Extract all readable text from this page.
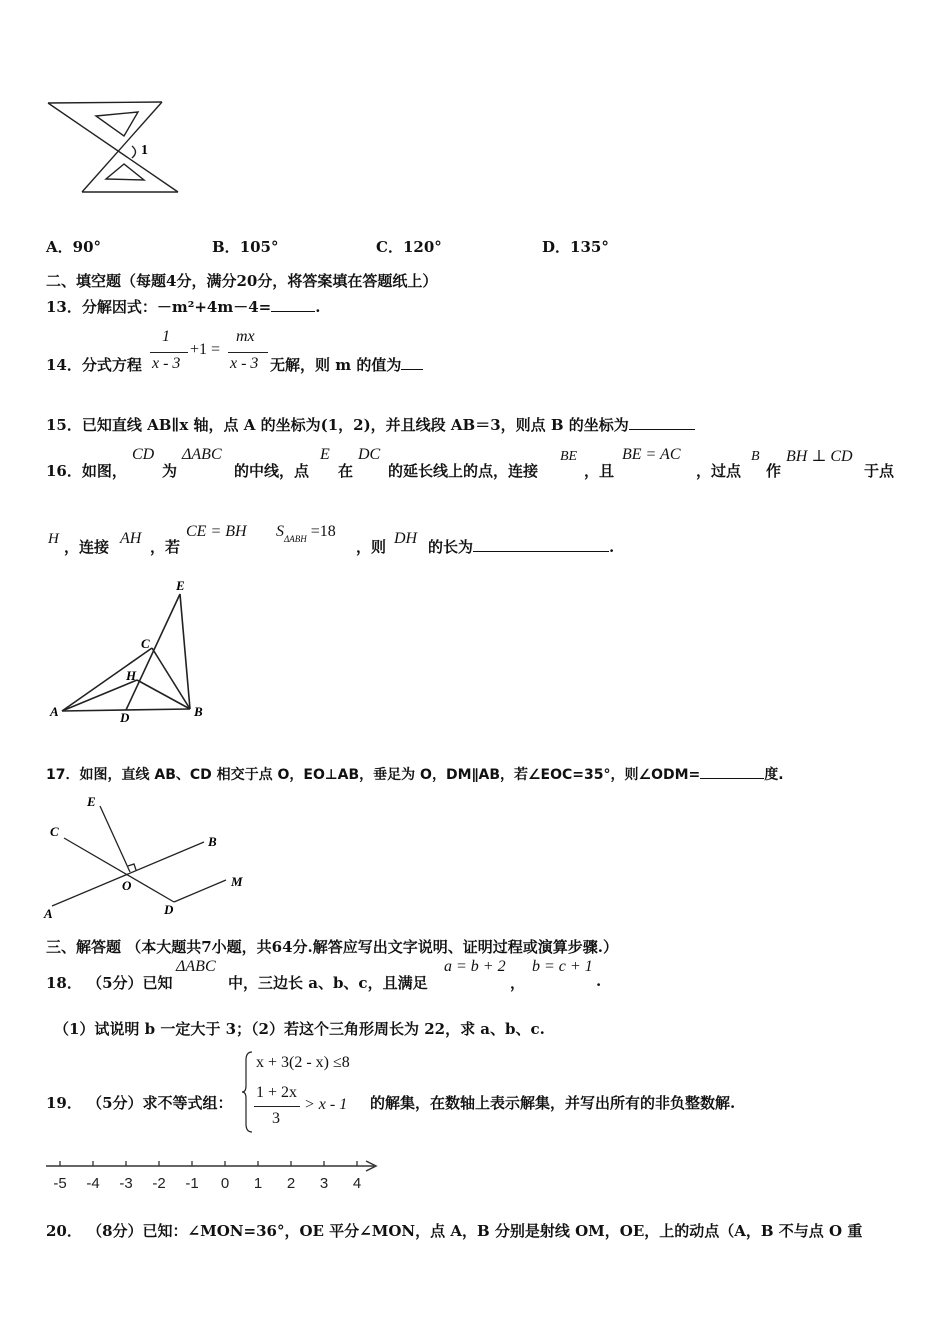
1
A．90°	B．105°	C．120°	D．135°
二、填空题（每题4分，满分20分，将答案填在答题纸上）
13．分解因式：－m²+4m－4=	.
14．分式方程
1
x - 3
+1 =
mx
x - 3 无解，则 m 的值为
15．已知直线 AB∥x 轴，点 A 的坐标为(1，2)，并且线段 AB＝3，则点 B 的坐标为
16．如图，
CD
为
ΔABC
的中线，点
E
在
DC
的延长线上的点，连接
BE
，且
BE = AC
，过点
B
作
BH ⊥ CD
于点
H ，连接 AH ，若
CE = BH $S_{\Delta ABH} =18$
，则 DH 的长为	.
E
C
H
A	D	B
17．如图，直线 AB、CD 相交于点 O，EO⊥AB，垂足为 O，DM∥AB，若∠EOC=35°，则∠ODM=	度.
E
C
B
O	M
A	D
三、解答题 （本大题共7小题，共64分.解答应写出文字说明、证明过程或演算步骤.）
18． （5分）已知
ΔABC
中，三边长 a、b、c，且满足
a = b + 2
，
b = c + 1
.
（1）试说明 b 一定大于 3；（2）若这个三角形周长为 22，求 a、b、c.
19． （5分）求不等式组：
x + 3(2 - x) ≤8
1 + 2x
3
> x - 1 的解集，在数轴上表示解集，并写出所有的非负整数解.
-5 -4 -3 -2 -1 0 1 2 3 4
20． （8分）已知：∠MON=36°，OE 平分∠MON，点 A，B 分别是射线 OM，OE，上的动点（A，B 不与点 O 重
